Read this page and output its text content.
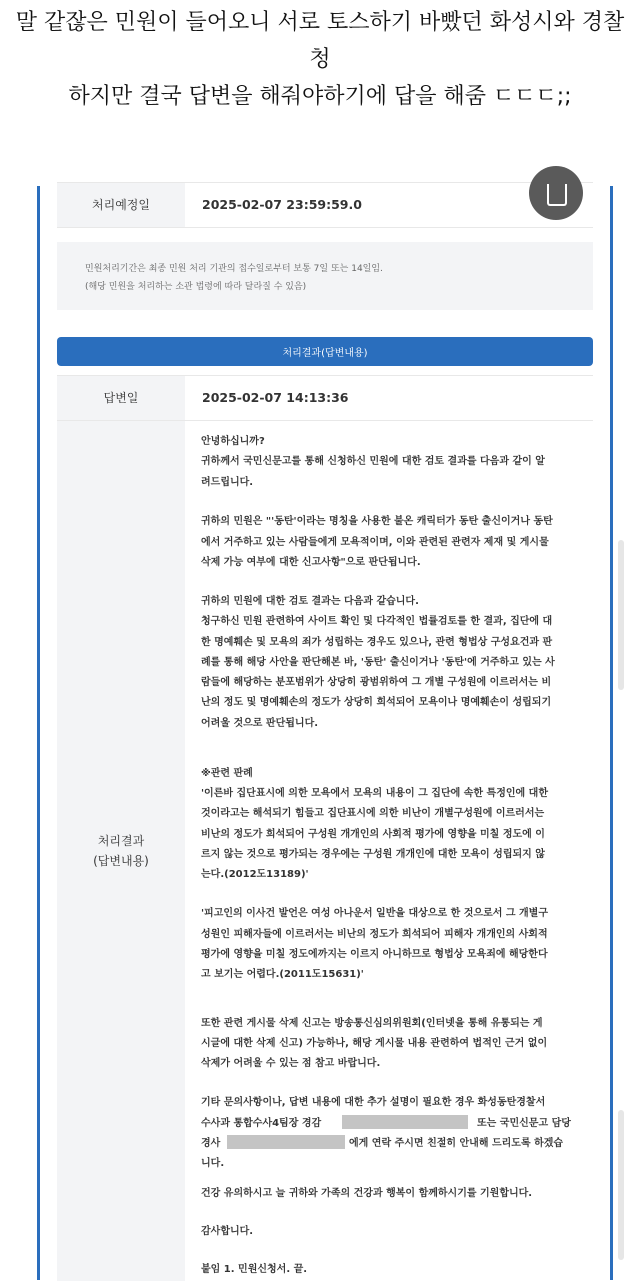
말 같잖은 민원이 들어오니 서로 토스하기 바빴던 화성시와 경찰
청
하지만 결국 답변을 해줘야하기에 답을 해줌 ㄷㄷㄷ;;
처리예정일	2025-02-07 23:59:59.0
민원처리기간은 최종 민원 처리 기관의 접수일로부터 보통 7일 또는 14일임.
(해당 민원을 처리하는 소관 법령에 따라 달라질 수 있음)
처리결과(답변내용)
답변일	2025-02-07 14:13:36
처리결과
(답변내용)
안녕하십니까?
귀하께서 국민신문고를 통해 신청하신 민원에 대한 검토 결과를 다음과 같이 알
려드립니다.
귀하의 민원은 "'동탄'이라는 명칭을 사용한 불온 캐릭터가 동탄 출신이거나 동탄
에서 거주하고 있는 사람들에게 모욕적이며, 이와 관련된 관련자 제재 및 게시물
삭제 가능 여부에 대한 신고사항"으로 판단됩니다.
귀하의 민원에 대한 검토 결과는 다음과 같습니다.
청구하신 민원 관련하여 사이트 확인 및 다각적인 법률검토를 한 결과, 집단에 대
한 명예훼손 및 모욕의 죄가 성립하는 경우도 있으나, 관련 형법상 구성요건과 판
례를 통해 해당 사안을 판단해본 바, '동탄' 출신이거나 '동탄'에 거주하고 있는 사
람들에 해당하는 분포범위가 상당히 광범위하여 그 개별 구성원에 이르러서는 비
난의 정도 및 명예훼손의 정도가 상당히 희석되어 모욕이나 명예훼손이 성립되기
어려울 것으로 판단됩니다.
※관련 판례
'이른바 집단표시에 의한 모욕에서 모욕의 내용이 그 집단에 속한 특정인에 대한
것이라고는 해석되기 힘들고 집단표시에 의한 비난이 개별구성원에 이르러서는
비난의 정도가 희석되어 구성원 개개인의 사회적 평가에 영향을 미칠 정도에 이
르지 않는 것으로 평가되는 경우에는 구성원 개개인에 대한 모욕이 성립되지 않
는다.(2012도13189)'
'피고인의 이사건 발언은 여성 아나운서 일반을 대상으로 한 것으로서 그 개별구
성원인 피해자들에 이르러서는 비난의 정도가 희석되어 피해자 개개인의 사회적
평가에 영향을 미칠 정도에까지는 이르지 아니하므로 형법상 모욕죄에 해당한다
고 보기는 어렵다.(2011도15631)'
또한 관련 게시물 삭제 신고는 방송통신심의위원회(인터넷을 통해 유통되는 게
시글에 대한 삭제 신고) 가능하나, 해당 게시물 내용 관련하여 법적인 근거 없이
삭제가 어려울 수 있는 점 참고 바랍니다.
기타 문의사항이나, 답변 내용에 대한 추가 설명이 필요한 경우 화성동탄경찰서
수사과 통합수사4팀장 경감	또는 국민신문고 담당
경사	에게 연락 주시면 친절히 안내해 드리도록 하겠습
니다.
건강 유의하시고 늘 귀하와 가족의 건강과 행복이 함께하시기를 기원합니다.
감사합니다.
붙임 1. 민원신청서. 끝.
